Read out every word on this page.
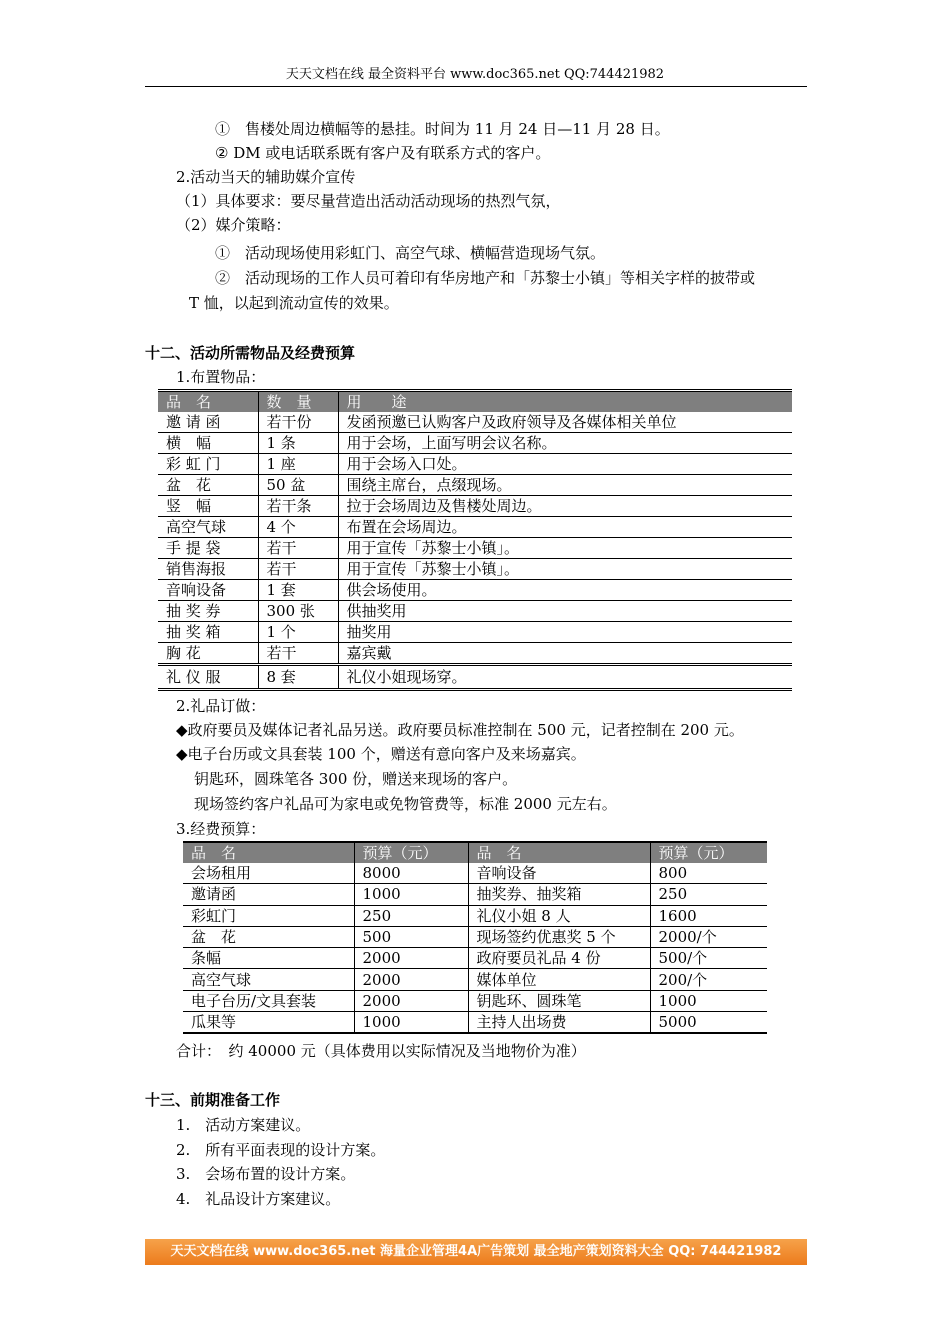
天天文档在线 最全资料平台 www.doc365.net QQ:744421982
①　售楼处周边横幅等的悬挂。时间为 11 月 24 日—11 月 28 日。
② DM 或电话联系既有客户及有联系方式的客户。
2.活动当天的辅助媒介宣传
（1）具体要求：要尽量营造出活动活动现场的热烈气氛，
（2）媒介策略：
①　活动现场使用彩虹门、高空气球、横幅营造现场气氛。
②　活动现场的工作人员可着印有华房地产和「苏黎士小镇」等相关字样的披带或
T 恤，以起到流动宣传的效果。
十二、活动所需物品及经费预算
1.布置物品：
品　名	数　量	用　　途
邀 请 函	若干份	发函预邀已认购客户及政府领导及各媒体相关单位
横　幅	1 条	用于会场，上面写明会议名称。
彩 虹 门	1 座	用于会场入口处。
盆　花	50 盆	围绕主席台，点缀现场。
竖　幅	若干条	拉于会场周边及售楼处周边。
高空气球	4 个	布置在会场周边。
手 提 袋	若干	用于宣传「苏黎士小镇」。
销售海报	若干	用于宣传「苏黎士小镇」。
音响设备	1 套	供会场使用。
抽 奖 券	300 张	供抽奖用
抽 奖 箱	1 个	抽奖用
胸 花	若干	嘉宾戴
礼 仪 服	8 套	礼仪小姐现场穿。
2.礼品订做：
◆政府要员及媒体记者礼品另送。政府要员标准控制在 500 元，记者控制在 200 元。
◆电子台历或文具套装 100 个，赠送有意向客户及来场嘉宾。
钥匙环，圆珠笔各 300 份，赠送来现场的客户。
现场签约客户礼品可为家电或免物管费等，标准 2000 元左右。
3.经费预算：
品　名	预算（元）	品　名	预算（元）
会场租用	8000	音响设备	800
邀请函	1000	抽奖券、抽奖箱	250
彩虹门	250	礼仪小姐 8 人	1600
盆　花	500	现场签约优惠奖 5 个	2000/个
条幅	2000	政府要员礼品 4 份	500/个
高空气球	2000	媒体单位	200/个
电子台历/文具套装	2000	钥匙环、圆珠笔	1000
瓜果等	1000	主持人出场费	5000
合计：　约 40000 元（具体费用以实际情况及当地物价为准）
十三、前期准备工作
1.　活动方案建议。
2.　所有平面表现的设计方案。
3.　会场布置的设计方案。
4.　礼品设计方案建议。
天天文档在线 www.doc365.net 海量企业管理4A广告策划 最全地产策划资料大全 QQ: 744421982
